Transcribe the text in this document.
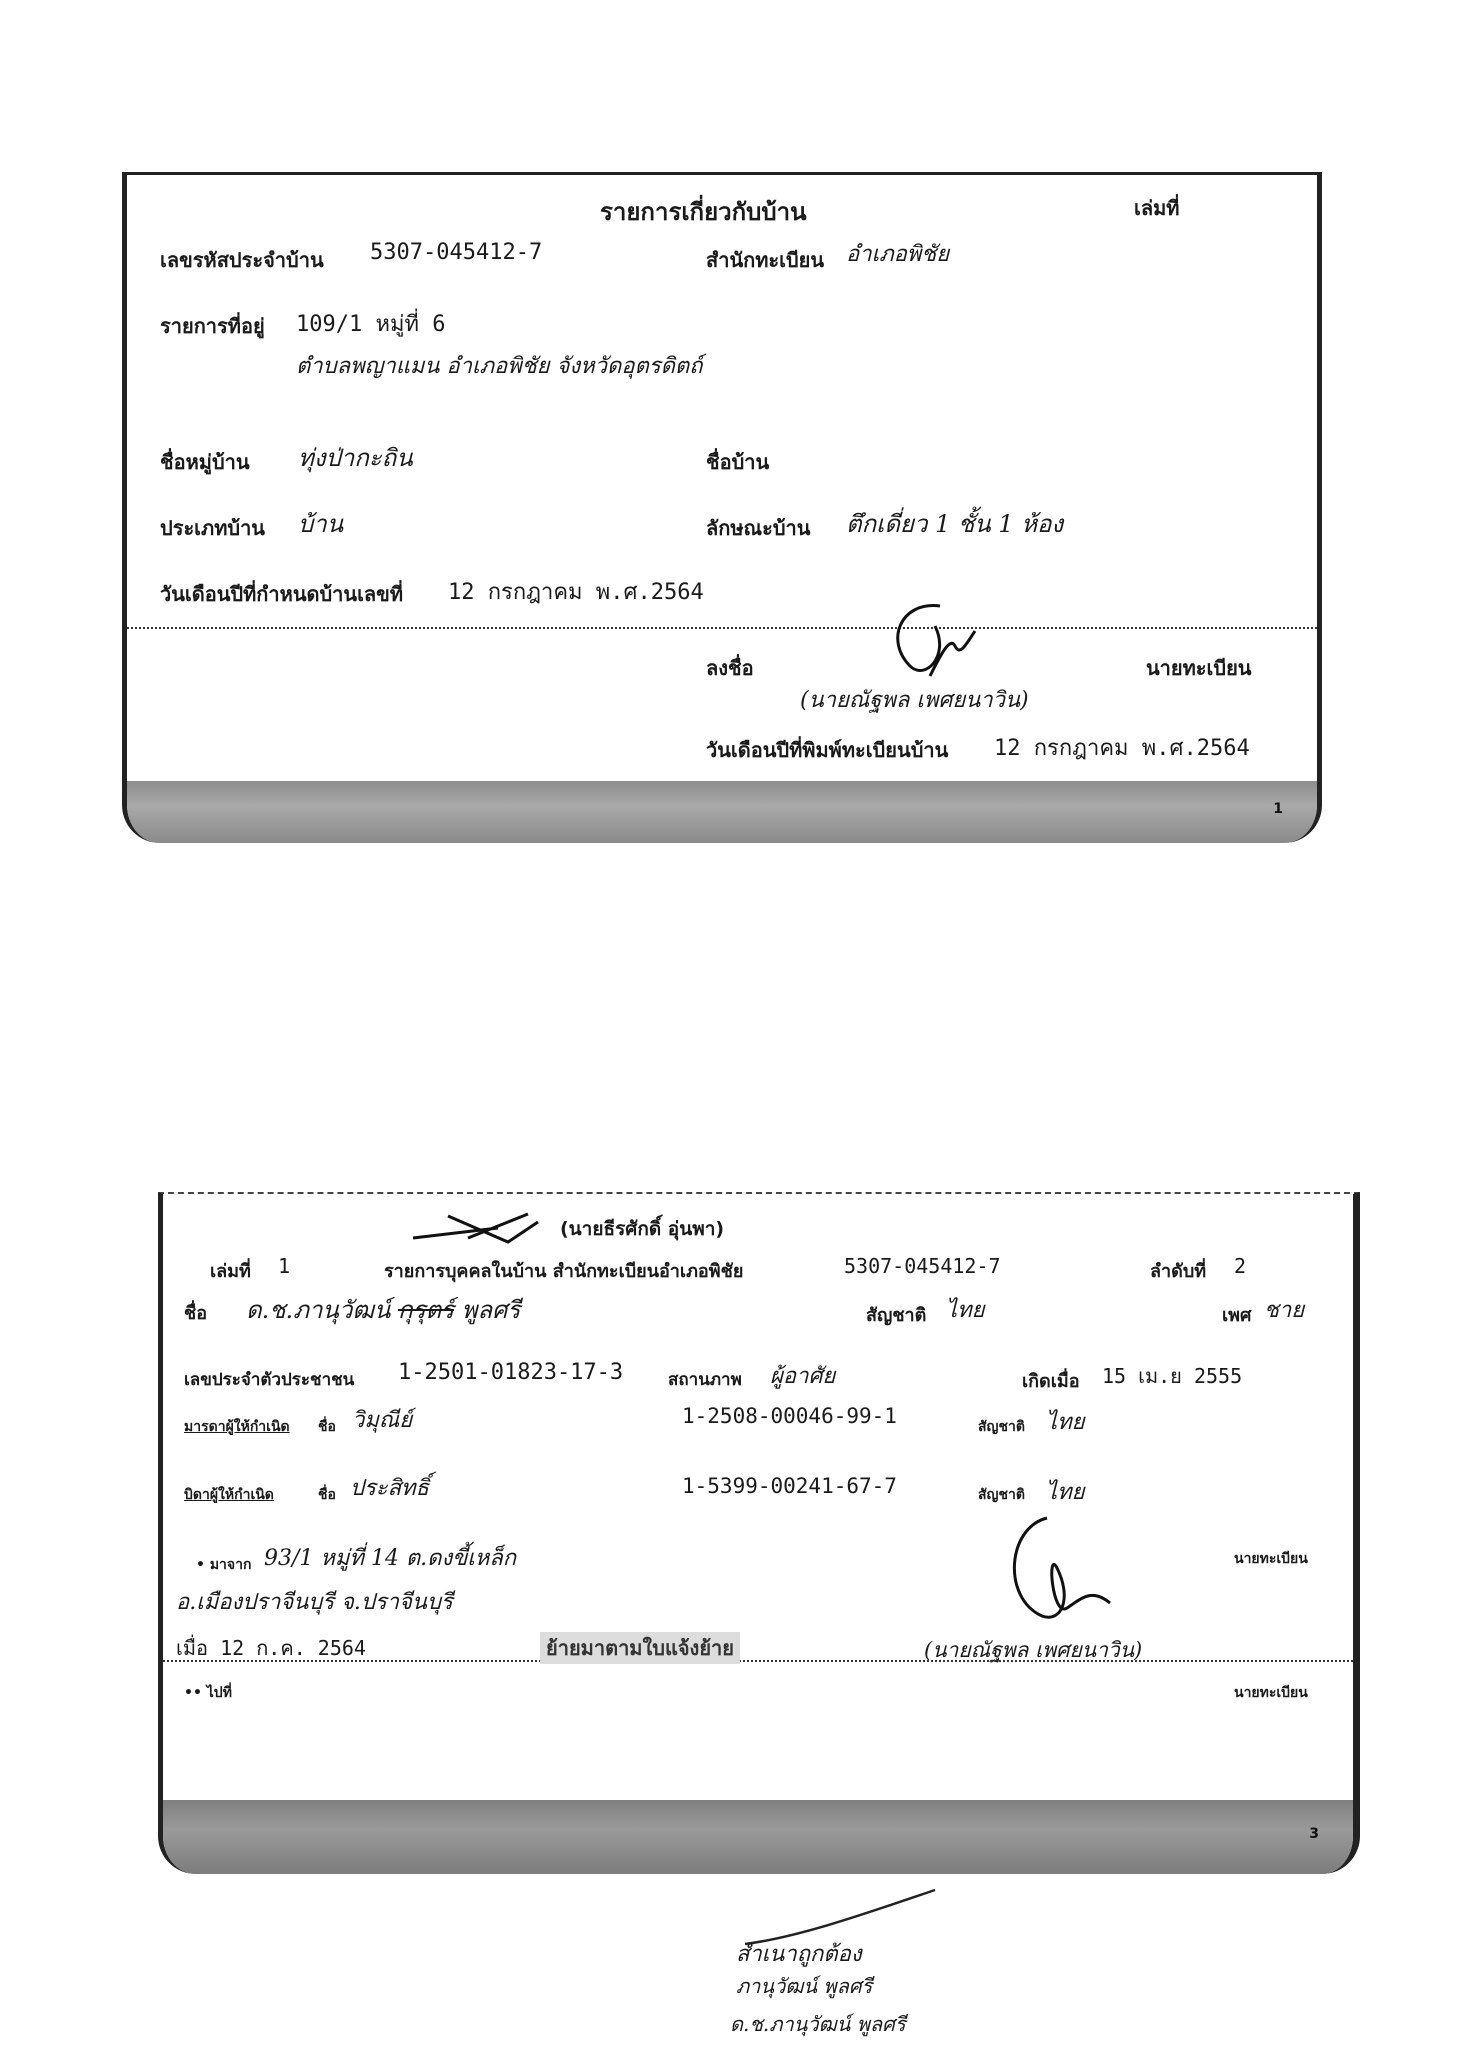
1
รายการเกี่ยวกับบ้าน	เล่มที่
เลขรหัสประจำบ้าน 5307-045412-7	สำนักทะเบียน อำเภอพิชัย
รายการที่อยู่ 109/1 หมู่ที่ 6
ตำบลพญาแมน อำเภอพิชัย จังหวัดอุตรดิตถ์
ชื่อหมู่บ้าน ทุ่งป่ากะถิน	ชื่อบ้าน
ประเภทบ้าน บ้าน	ลักษณะบ้าน ตึกเดี่ยว 1 ชั้น 1 ห้อง
วันเดือนปีที่กำหนดบ้านเลขที่ 12 กรกฎาคม พ.ศ.2564
ลงชื่อ	นายทะเบียน
(นายณัฐพล เพศยนาวิน)
วันเดือนปีที่พิมพ์ทะเบียนบ้าน 12 กรกฎาคม พ.ศ.2564
3
(นายธีรศักดิ์ อุ่นพา)
เล่มที่ 1	รายการบุคคลในบ้าน สำนักทะเบียนอำเภอพิชัย	5307-045412-7	ลำดับที่ 2
ชื่อ ด.ช.ภานุวัฒน์ กุรุตร์ พูลศรี	สัญชาติ ไทย	เพศ ชาย
เลขประจำตัวประชาชน 1-2501-01823-17-3	สถานภาพ ผู้อาศัย	เกิดเมื่อ 15 เม.ย 2555
มารดาผู้ให้กำเนิด ชื่อ วิมุณีย์	1-2508-00046-99-1	สัญชาติ ไทย
บิดาผู้ให้กำเนิด	ชื่อ ประสิทธิ์	1-5399-00241-67-7	สัญชาติ ไทย
• มาจาก 93/1 หมู่ที่ 14 ต.ดงขี้เหล็ก
อ.เมืองปราจีนบุรี จ.ปราจีนบุรี
เมื่อ 12 ก.ค. 2564	ย้ายมาตามใบแจ้งย้าย
นายทะเบียน
(นายณัฐพล เพศยนาวิน)
•• ไปที่	นายทะเบียน
สำเนาถูกต้อง
ภานุวัฒน์ พูลศรี
ด.ช.ภานุวัฒน์ พูลศรี
